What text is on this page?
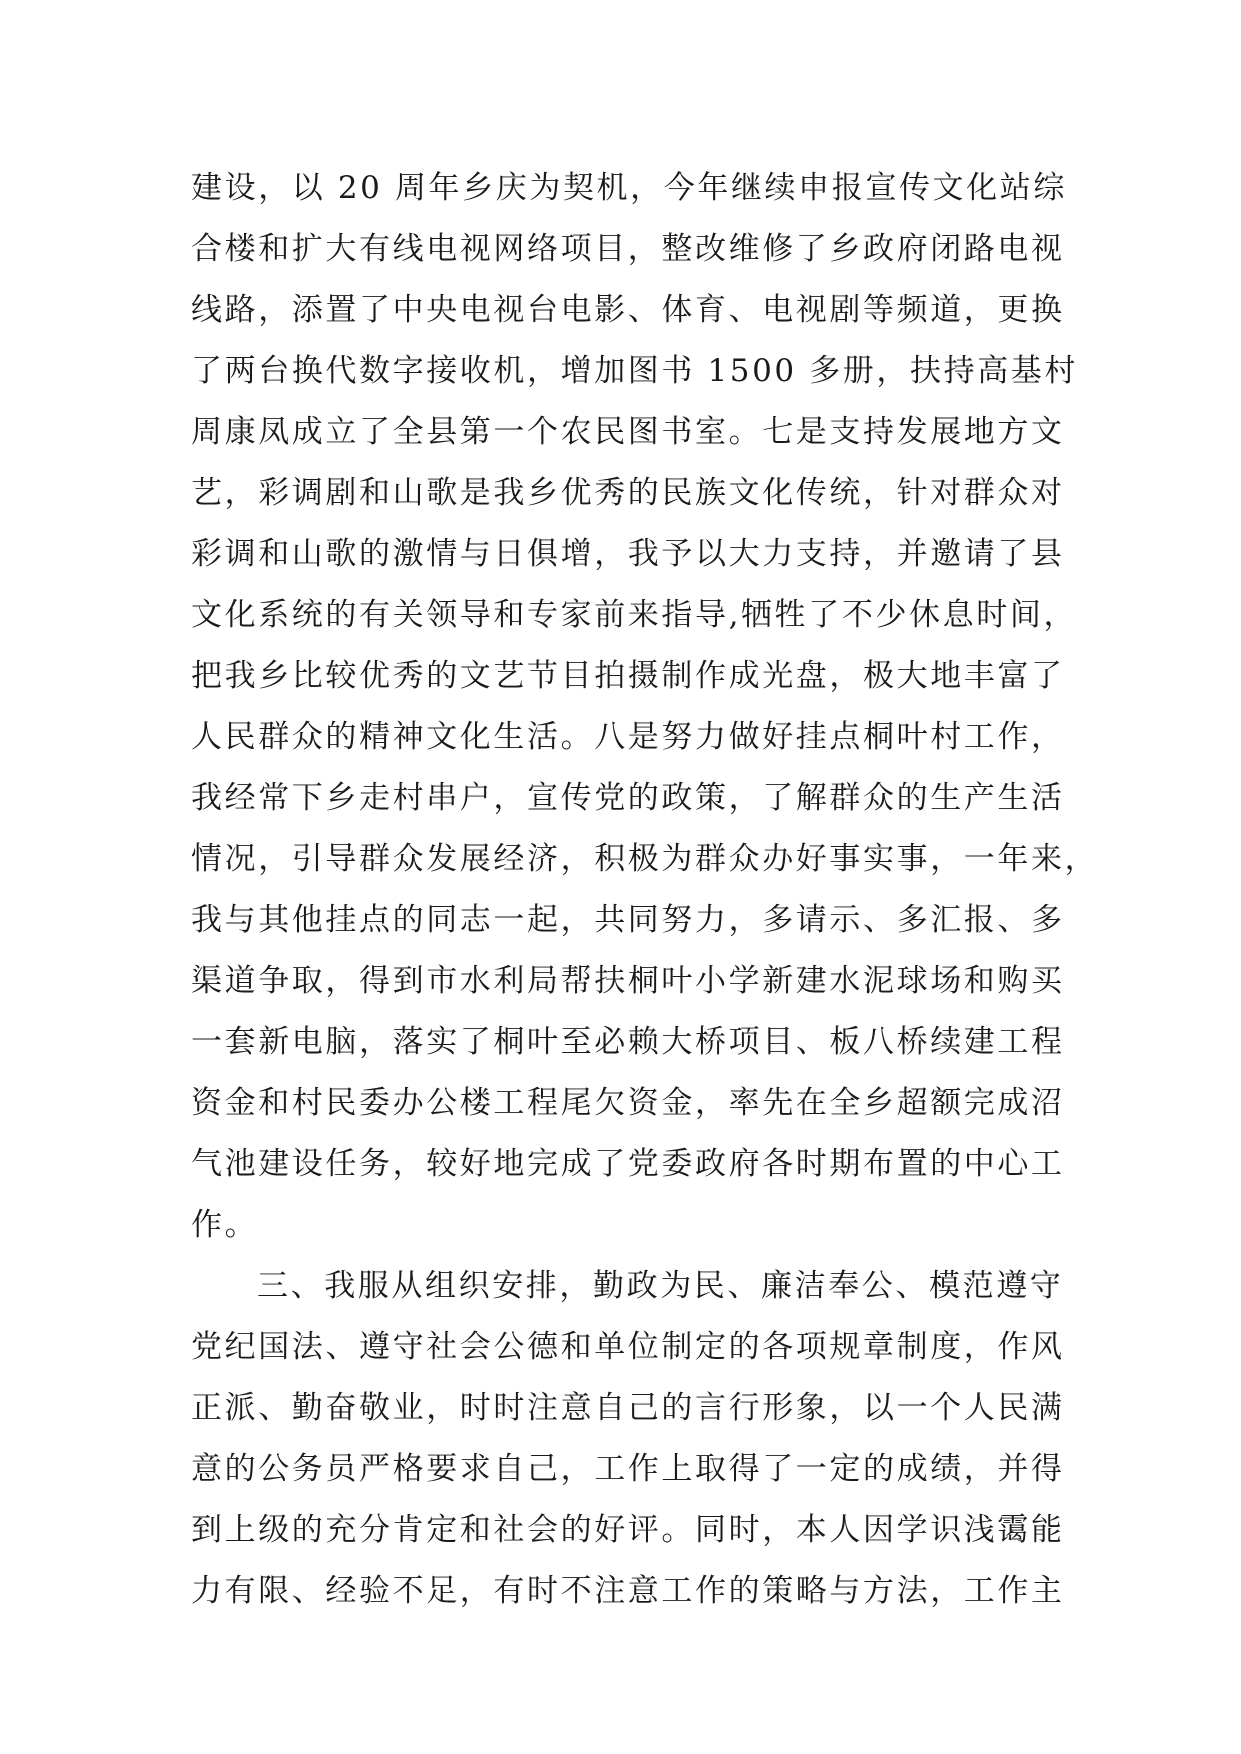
建设，以 20 周年乡庆为契机，今年继续申报宣传文化站综
合楼和扩大有线电视网络项目，整改维修了乡政府闭路电视
线路，添置了中央电视台电影、体育、电视剧等频道，更换
了两台换代数字接收机，增加图书 1500 多册，扶持高基村
周康凤成立了全县第一个农民图书室。七是支持发展地方文
艺，彩调剧和山歌是我乡优秀的民族文化传统，针对群众对
彩调和山歌的激情与日俱增，我予以大力支持，并邀请了县
文化系统的有关领导和专家前来指导,牺牲了不少休息时间，
把我乡比较优秀的文艺节目拍摄制作成光盘，极大地丰富了
人民群众的精神文化生活。八是努力做好挂点桐叶村工作，
我经常下乡走村串户，宣传党的政策，了解群众的生产生活
情况，引导群众发展经济，积极为群众办好事实事，一年来，
我与其他挂点的同志一起，共同努力，多请示、多汇报、多
渠道争取，得到市水利局帮扶桐叶小学新建水泥球场和购买
一套新电脑，落实了桐叶至必赖大桥项目、板八桥续建工程
资金和村民委办公楼工程尾欠资金，率先在全乡超额完成沼
气池建设任务，较好地完成了党委政府各时期布置的中心工
作。
三、我服从组织安排，勤政为民、廉洁奉公、模范遵守
党纪国法、遵守社会公德和单位制定的各项规章制度，作风
正派、勤奋敬业，时时注意自己的言行形象，以一个人民满
意的公务员严格要求自己，工作上取得了一定的成绩，并得
到上级的充分肯定和社会的好评。同时，本人因学识浅霭能
力有限、经验不足，有时不注意工作的策略与方法，工作主
